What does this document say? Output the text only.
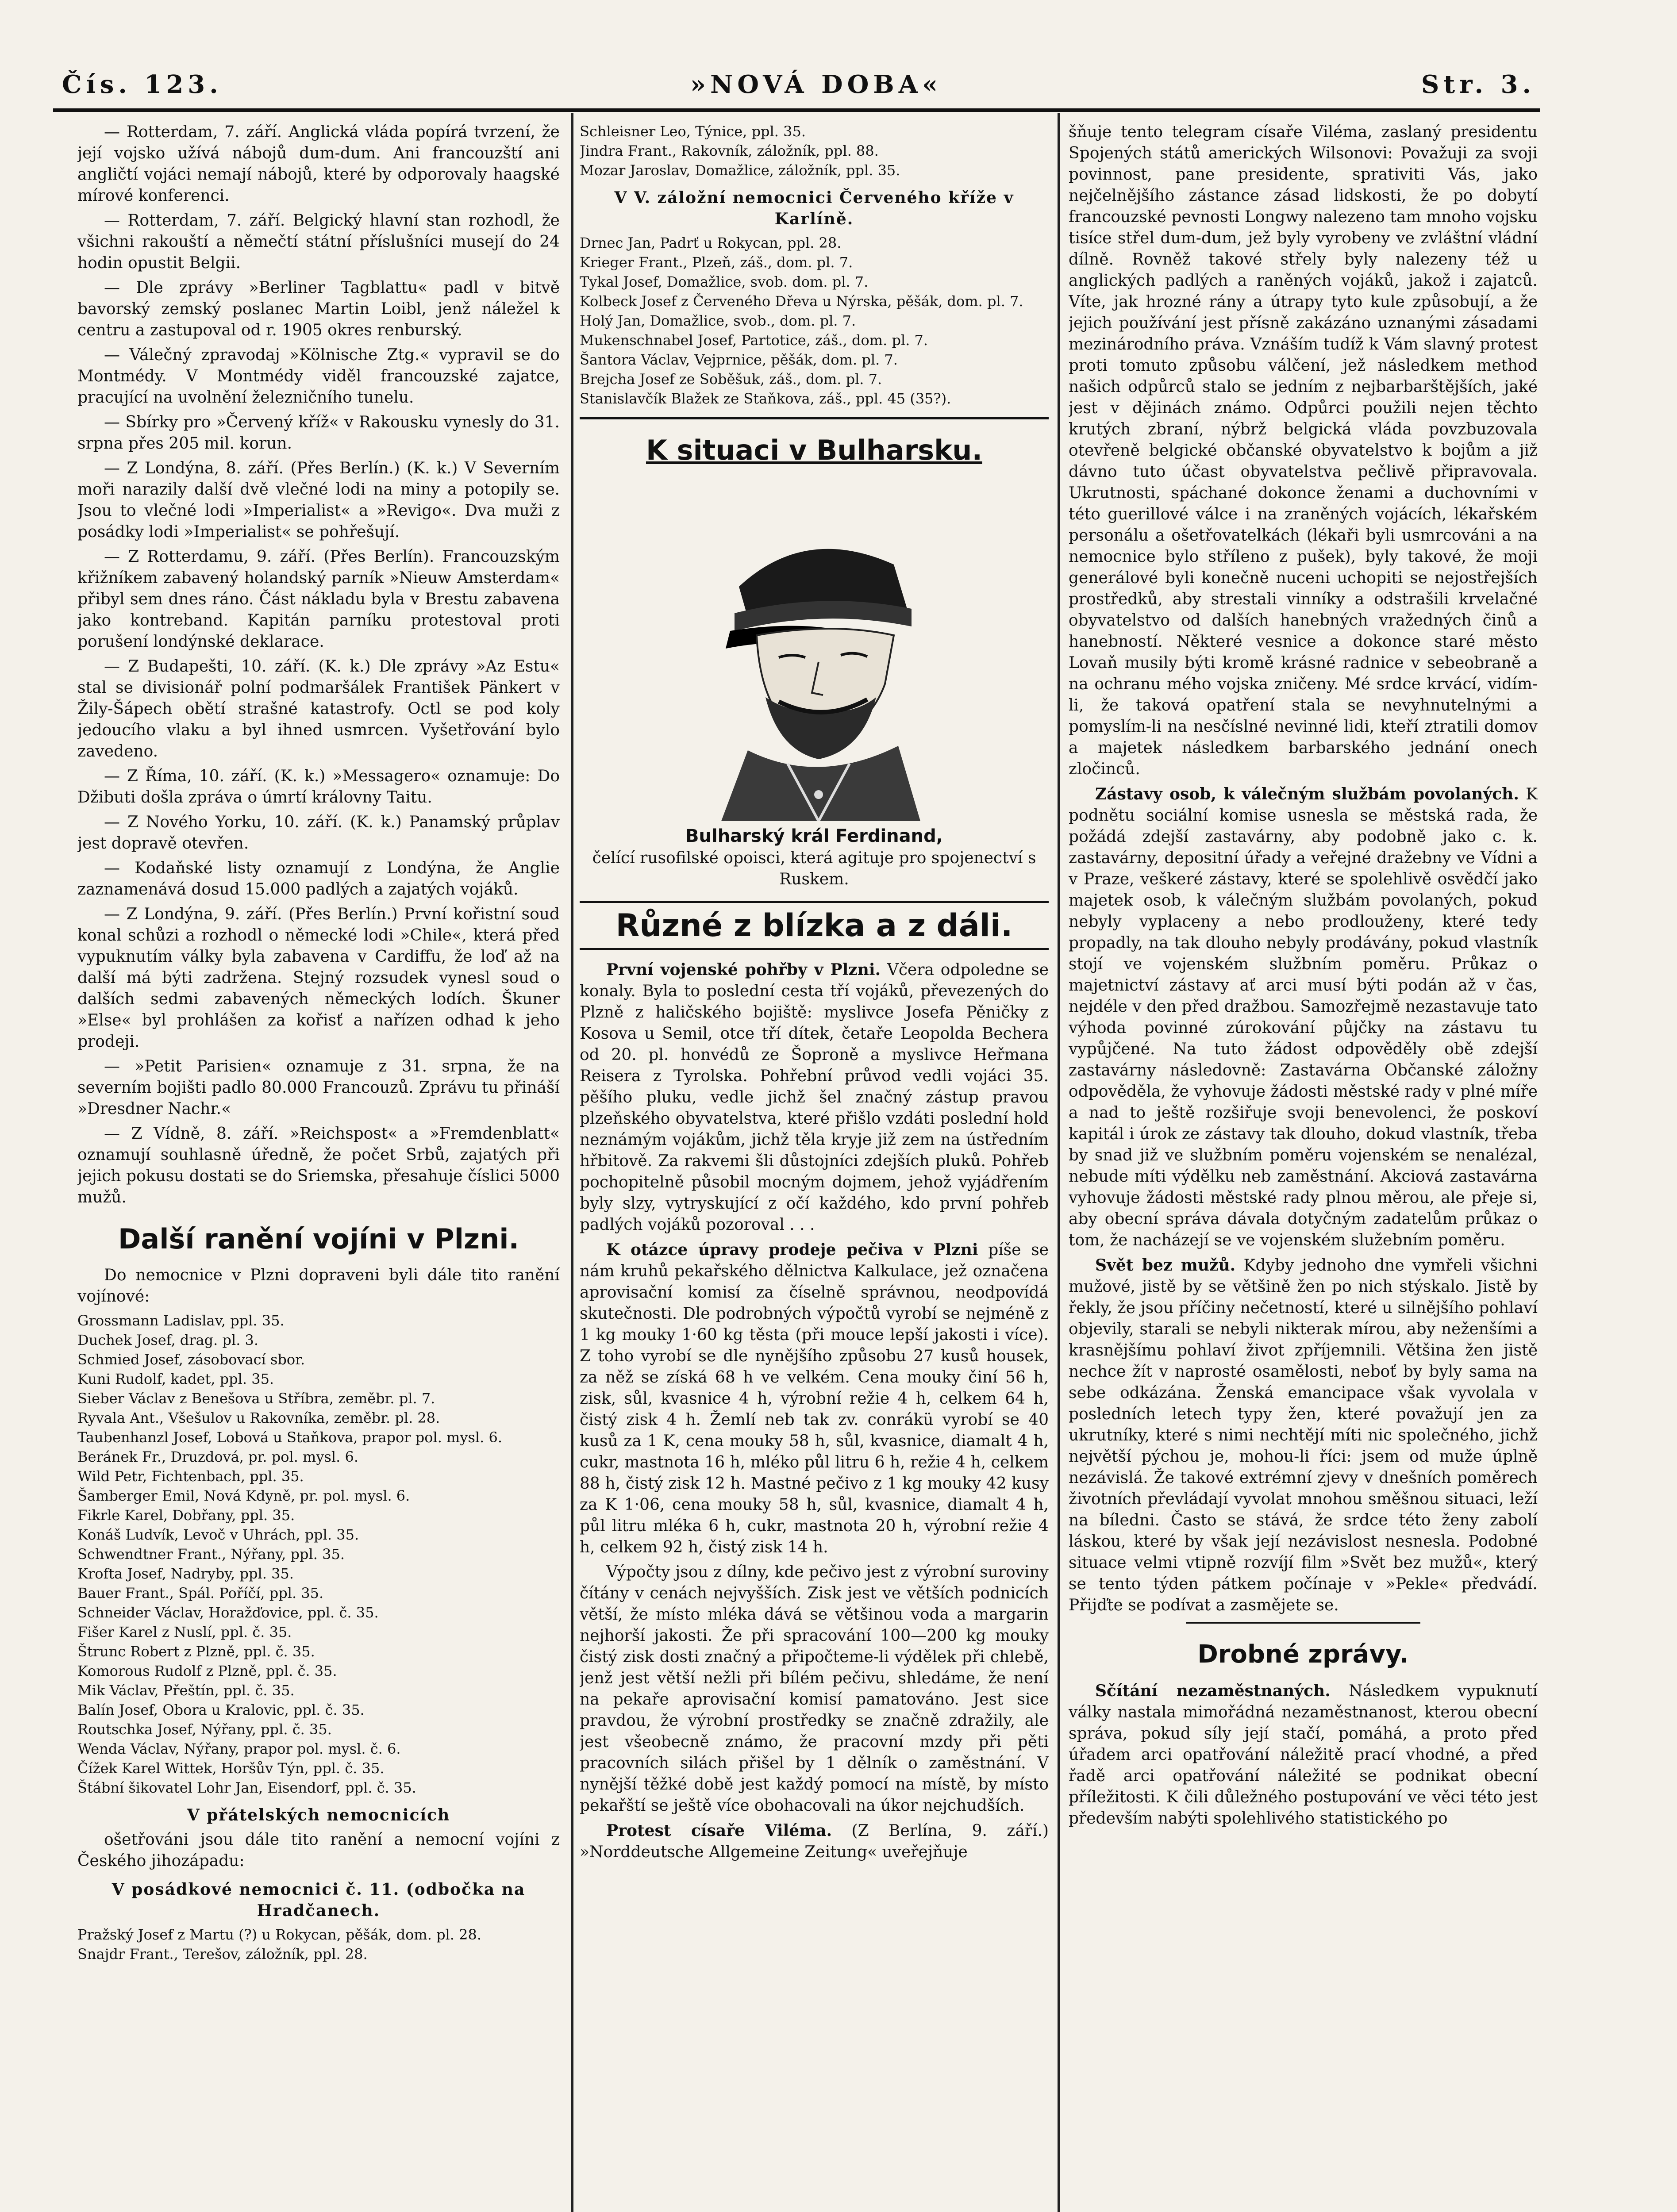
Čís. 123.	»NOVÁ DOBA«	Str. 3.

— Rotterdam, 7. září. Anglická vláda popírá tvrzení, že její vojsko užívá nábojů dum-dum. Ani francouzští ani angličtí vojáci nemají nábojů, které by odporovaly haagské mírové konferenci.

— Rotterdam, 7. září. Belgický hlavní stan rozhodl, že všichni rakouští a němečtí státní příslušníci musejí do 24 hodin opustit Belgii.

— Dle zprávy »Berliner Tagblattu« padl v bitvě bavorský zemský poslanec Martin Loibl, jenž náležel k centru a zastupoval od r. 1905 okres renburský.

— Válečný zpravodaj »Kölnische Ztg.« vypravil se do Montmédy. V Montmédy viděl francouzské zajatce, pracující na uvolnění železničního tunelu.

— Sbírky pro »Červený kříž« v Rakousku vynesly do 31. srpna přes 205 mil. korun.

— Z Londýna, 8. září. (Přes Berlín.) (K. k.) V Severním moři narazily další dvě vlečné lodi na miny a potopily se. Jsou to vlečné lodi »Imperialist« a »Revigo«. Dva muži z posádky lodi »Imperialist« se pohřešují.

— Z Rotterdamu, 9. září. (Přes Berlín). Francouzským křižníkem zabavený holandský parník »Nieuw Amsterdam« přibyl sem dnes ráno. Část nákladu byla v Brestu zabavena jako kontreband. Kapitán parníku protestoval proti porušení londýnské deklarace.

— Z Budapešti, 10. září. (K. k.) Dle zprávy »Az Estu« stal se divisionář polní podmaršálek František Pänkert v Žily-Šápech obětí strašné katastrofy. Octl se pod koly jedoucího vlaku a byl ihned usmrcen. Vyšetřování bylo zavedeno.

— Z Říma, 10. září. (K. k.) »Messagero« oznamuje: Do Džibuti došla zpráva o úmrtí královny Taitu.

— Z Nového Yorku, 10. září. (K. k.) Panamský průplav jest dopravě otevřen.

— Kodaňské listy oznamují z Londýna, že Anglie zaznamenává dosud 15.000 padlých a zajatých vojáků.

— Z Londýna, 9. září. (Přes Berlín.) První kořistní soud konal schůzi a rozhodl o německé lodi »Chile«, která před vypuknutím války byla zabavena v Cardiffu, že loď až na další má býti zadržena. Stejný rozsudek vynesl soud o dalších sedmi zabavených německých lodích. Škuner »Else« byl prohlášen za kořisť a nařízen odhad k jeho prodeji.

— »Petit Parisien« oznamuje z 31. srpna, že na severním bojišti padlo 80.000 Francouzů. Zprávu tu přináší »Dresdner Nachr.«

— Z Vídně, 8. září. »Reichspost« a »Fremdenblatt« oznamují souhlasně úředně, že počet Srbů, zajatých při jejich pokusu dostati se do Sriemska, přesahuje číslici 5000 mužů.

Další ranění vojíni v Plzni.

Do nemocnice v Plzni dopraveni byli dále tito ranění vojínové:

Grossmann Ladislav, ppl. 35.

Duchek Josef, drag. pl. 3.

Schmied Josef, zásobovací sbor.

Kuni Rudolf, kadet, ppl. 35.

Sieber Václav z Benešova u Stříbra, zeměbr. pl. 7.

Ryvala Ant., Všešulov u Rakovníka, zeměbr. pl. 28.

Taubenhanzl Josef, Lobová u Staňkova, prapor pol. mysl. 6.

Beránek Fr., Druzdová, pr. pol. mysl. 6.

Wild Petr, Fichtenbach, ppl. 35.

Šamberger Emil, Nová Kdyně, pr. pol. mysl. 6.

Fikrle Karel, Dobřany, ppl. 35.

Konáš Ludvík, Levoč v Uhrách, ppl. 35.

Schwendtner Frant., Nýřany, ppl. 35.

Krofta Josef, Nadryby, ppl. 35.

Bauer Frant., Spál. Poříčí, ppl. 35.

Schneider Václav, Horažďovice, ppl. č. 35.

Fišer Karel z Nuslí, ppl. č. 35.

Štrunc Robert z Plzně, ppl. č. 35.

Komorous Rudolf z Plzně, ppl. č. 35.

Mik Václav, Přeštín, ppl. č. 35.

Balín Josef, Obora u Kralovic, ppl. č. 35.

Routschka Josef, Nýřany, ppl. č. 35.

Wenda Václav, Nýřany, prapor pol. mysl. č. 6.

Čížek Karel Wittek, Horšův Týn, ppl. č. 35.

Štábní šikovatel Lohr Jan, Eisendorf, ppl. č. 35.

V přátelských nemocnicích

ošetřováni jsou dále tito ranění a nemocní vojíni z Českého jihozápadu:

V posádkové nemocnici č. 11. (odbočka na Hradčanech.

Pražský Josef z Martu (?) u Rokycan, pěšák, dom. pl. 28.

Snajdr Frant., Terešov, záložník, ppl. 28.

Schleisner Leo, Týnice, ppl. 35.

Jindra Frant., Rakovník, záložník, ppl. 88.

Mozar Jaroslav, Domažlice, záložník, ppl. 35.

V V. záložní nemocnici Červeného kříže v Karlíně.

Drnec Jan, Padrť u Rokycan, ppl. 28.

Krieger Frant., Plzeň, záš., dom. pl. 7.

Tykal Josef, Domažlice, svob. dom. pl. 7.

Kolbeck Josef z Červeného Dřeva u Nýrska, pěšák, dom. pl. 7.

Holý Jan, Domažlice, svob., dom. pl. 7.

Mukenschnabel Josef, Partotice, záš., dom. pl. 7.

Šantora Václav, Vejprnice, pěšák, dom. pl. 7.

Brejcha Josef ze Soběšuk, záš., dom. pl. 7.

Stanislavčík Blažek ze Staňkova, záš., ppl. 45 (35?).

K situaci v Bulharsku.
Bulharský král Ferdinand,
čelící rusofilské opoisci, která agituje pro spojenectví s Ruskem.
Různé z blízka a z dáli.

První vojenské pohřby v Plzni. Včera odpoledne se konaly. Byla to poslední cesta tří vojáků, převezených do Plzně z haličského bojiště: myslivce Josefa Pěničky z Kosova u Semil, otce tří dítek, četaře Leopolda Bechera od 20. pl. honvédů ze Šoproně a myslivce Heřmana Reisera z Tyrolska. Pohřební průvod vedli vojáci 35. pěšího pluku, vedle jichž šel značný zástup pravou plzeňského obyvatelstva, které přišlo vzdáti poslední hold neznámým vojákům, jichž těla kryje již zem na ústředním hřbitově. Za rakvemi šli důstojníci zdejších pluků. Pohřeb pochopitelně působil mocným dojmem, jehož vyjádřením byly slzy, vytryskující z očí každého, kdo první pohřeb padlých vojáků pozoroval . . .

K otázce úpravy prodeje pečiva v Plzni píše se nám kruhů pekařského dělnictva Kalkulace, jež označena aprovisační komisí za číselně správnou, neodpovídá skutečnosti. Dle podrobných výpočtů vyrobí se nejméně z 1 kg mouky 1·60 kg těsta (při mouce lepší jakosti i více). Z toho vyrobí se dle nynějšího způsobu 27 kusů housek, za něž se získá 68 h ve velkém. Cena mouky činí 56 h, zisk, sůl, kvasnice 4 h, výrobní režie 4 h, celkem 64 h, čistý zisk 4 h. Žemlí neb tak zv. conrákü vyrobí se 40 kusů za 1 K, cena mouky 58 h, sůl, kvasnice, diamalt 4 h, cukr, mastnota 16 h, mléko půl litru 6 h, režie 4 h, celkem 88 h, čistý zisk 12 h. Mastné pečivo z 1 kg mouky 42 kusy za K 1·06, cena mouky 58 h, sůl, kvasnice, diamalt 4 h, půl litru mléka 6 h, cukr, mastnota 20 h, výrobní režie 4 h, celkem 92 h, čistý zisk 14 h.

Výpočty jsou z dílny, kde pečivo jest z výrobní suroviny čítány v cenách nejvyšších. Zisk jest ve větších podnicích větší, že místo mléka dává se většinou voda a margarin nejhorší jakosti. Že při spracování 100—200 kg mouky čistý zisk dosti značný a připočteme-li výdělek při chlebě, jenž jest větší nežli při bílém pečivu, shledáme, že není na pekaře aprovisační komisí pamatováno. Jest sice pravdou, že výrobní prostředky se značně zdražily, ale jest všeobecně známo, že pracovní mzdy při pěti pracovních silách přišel by 1 dělník o zaměstnání. V nynější těžké době jest každý pomocí na místě, by místo pekařští se ještě více obohacovali na úkor nejchudších.

Protest císaře Viléma. (Z Berlína, 9. září.) »Norddeutsche Allgemeine Zeitung« uveřejňuje

šňuje tento telegram císaře Viléma, zaslaný presidentu Spojených států amerických Wilsonovi: Považuji za svoji povinnost, pane presidente, sprativiti Vás, jako nejčelnějšího zástance zásad lidskosti, že po dobytí francouzské pevnosti Longwy nalezeno tam mnoho vojsku tisíce střel dum-dum, jež byly vyrobeny ve zvláštní vládní dílně. Rovněž takové střely byly nalezeny též u anglických padlých a raněných vojáků, jakož i zajatců. Víte, jak hrozné rány a útrapy tyto kule způsobují, a že jejich používání jest přísně zakázáno uznanými zásadami mezinárodního práva. Vznáším tudíž k Vám slavný protest proti tomuto způsobu válčení, jež následkem method našich odpůrců stalo se jedním z nejbarbarštějších, jaké jest v dějinách známo. Odpůrci použili nejen těchto krutých zbraní, nýbrž belgická vláda povzbuzovala otevřeně belgické občanské obyvatelstvo k bojům a již dávno tuto účast obyvatelstva pečlivě připravovala. Ukrutnosti, spáchané dokonce ženami a duchovními v této guerillové válce i na zraněných vojácích, lékařském personálu a ošetřovatelkách (lékaři byli usmrcováni a na nemocnice bylo stříleno z pušek), byly takové, že moji generálové byli konečně nuceni uchopiti se nejostřejších prostředků, aby strestali vinníky a odstrašili krvelačné obyvatelstvo od dalších hanebných vražedných činů a hanebností. Některé vesnice a dokonce staré město Lovaň musily býti kromě krásné radnice v sebeobraně a na ochranu mého vojska zničeny. Mé srdce krvácí, vidím-li, že taková opatření stala se nevyhnutelnými a pomyslím-li na nesčíslné nevinné lidi, kteří ztratili domov a majetek následkem barbarského jednání onech zločinců.

Zástavy osob, k válečným službám povolaných. K podnětu sociální komise usnesla se městská rada, že požádá zdejší zastavárny, aby podobně jako c. k. zastavárny, depositní úřady a veřejné dražebny ve Vídni a v Praze, veškeré zástavy, které se spolehlivě osvědčí jako majetek osob, k válečným službám povolaných, pokud nebyly vyplaceny a nebo prodlouženy, které tedy propadly, na tak dlouho nebyly prodávány, pokud vlastník stojí ve vojenském službním poměru. Průkaz o majetnictví zástavy ať arci musí býti podán až v čas, nejdéle v den před dražbou. Samozřejmě nezastavuje tato výhoda povinné zúrokování půjčky na zástavu tu vypůjčené. Na tuto žádost odpověděly obě zdejší zastavárny následovně: Zastavárna Občanské záložny odpověděla, že vyhovuje žádosti městské rady v plné míře a nad to ještě rozšiřuje svoji benevolenci, že poskoví kapitál i úrok ze zástavy tak dlouho, dokud vlastník, třeba by snad již ve službním poměru vojenském se nenalézal, nebude míti výdělku neb zaměstnání. Akciová zastavárna vyhovuje žádosti městské rady plnou měrou, ale přeje si, aby obecní správa dávala dotyčným zadatelům průkaz o tom, že nacházejí se ve vojenském služebním poměru.

Svět bez mužů. Kdyby jednoho dne vymřeli všichni mužové, jistě by se většině žen po nich stýskalo. Jistě by řekly, že jsou příčiny nečetností, které u silnějšího pohlaví objevily, starali se nebyli nikterak mírou, aby neženšími a krasnějšímu pohlaví život zpříjemnili. Většina žen jistě nechce žít v naprosté osamělosti, neboť by byly sama na sebe odkázána. Ženská emancipace však vyvolala v posledních letech typy žen, které považují jen za ukrutníky, které s nimi nechtějí míti nic společného, jichž největší pýchou je, mohou-li říci: jsem od muže úplně nezávislá. Že takové extrémní zjevy v dnešních poměrech životních převládají vyvolat mnohou směšnou situaci, leží na bíledni. Často se stává, že srdce této ženy zabolí láskou, které by však její nezávislost nesnesla. Podobné situace velmi vtipně rozvíjí film »Svět bez mužů«, který se tento týden pátkem počínaje v »Pekle« předvádí. Přijďte se podívat a zasmějete se.

Drobné zprávy.

Sčítání nezaměstnaných. Následkem vypuknutí války nastala mimořádná nezaměstnanost, kterou obecní správa, pokud síly její stačí, pomáhá, a proto před úřadem arci opatřování náležitě prací vhodné, a před řadě arci opatřování náležité se podnikat obecní příležitosti. K čili důležného postupování ve věci této jest především nabýti spolehlivého statistického po
